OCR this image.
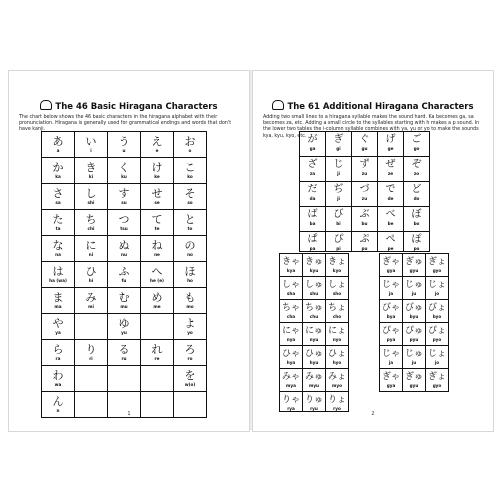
The 46 Basic Hiragana Characters
The chart below shows the 46 basic characters in the hiragana alphabet with their pronunciation. Hiragana is generally used for grammatical endings and words that don't have kanji.
あ
a
い
i
う
u
え
e
お
o
か
ka
き
ki
く
ku
け
ke
こ
ko
さ
sa
し
shi
す
su
せ
se
そ
so
た
ta
ち
chi
つ
tsu
て
te
と
to
な
na
に
ni
ぬ
nu
ね
ne
の
no
は
ha (wa)
ひ
hi
ふ
fu
へ
he (e)
ほ
ho
ま
ma
み
mi
む
mu
め
me
も
mo
や
ya
ゆ
yu
よ
yo
ら
ra
り
ri
る
ru
れ
re
ろ
ro
わ
wa
を
w(o)
ん
n
1
The 61 Additional Hiragana Characters
Adding two small lines to a hiragana syllable makes the sound hard. Ka becomes ga, sa becomes za, etc. Adding a small circle to the syllables starting with h makes a p sound. In the lower two tables the i-column syllable combines with ya, yu or yo to make the sounds kya, kyu, kyo, etc. が
ga
ぎ
gi
ぐ
gu
げ
ge
ご
go
ざ
za
じ
ji
ず
zu
ぜ
ze
ぞ
zo
だ
da
ぢ
ji
づ
zu
で
de
ど
do
ば
ba
び
bi
ぶ
bu
べ
be
ぼ
bo
ぱ
pa
ぴ
pi
ぷ
pu
ぺ
pe
ぽ
po
きゃ
kya
きゅ
kyu
きょ
kyo
しゃ
sha
しゅ
shu
しょ
sho
ちゃ
cha
ちゅ
chu
ちょ
cho
にゃ
nya
にゅ
nyu
にょ
nyo
ひゃ
hya
ひゅ
hyu
ひょ
hyo
みゃ
mya
みゅ
myu
みょ
myo
りゃ
rya
りゅ
ryu
りょ
ryo
ぎゃ
gya
ぎゅ
gyu
ぎょ
gyo
じゃ
ja
じゅ
ju
じょ
jo
びゃ
bya
びゅ
byu
びょ
byo
ぴゃ
pya
ぴゅ
pyu
ぴょ
pyo
じゃ
ja
じゅ
ju
じょ
jo
ぎゃ
gya
ぎゅ
gyu
ぎょ
gyo
2
